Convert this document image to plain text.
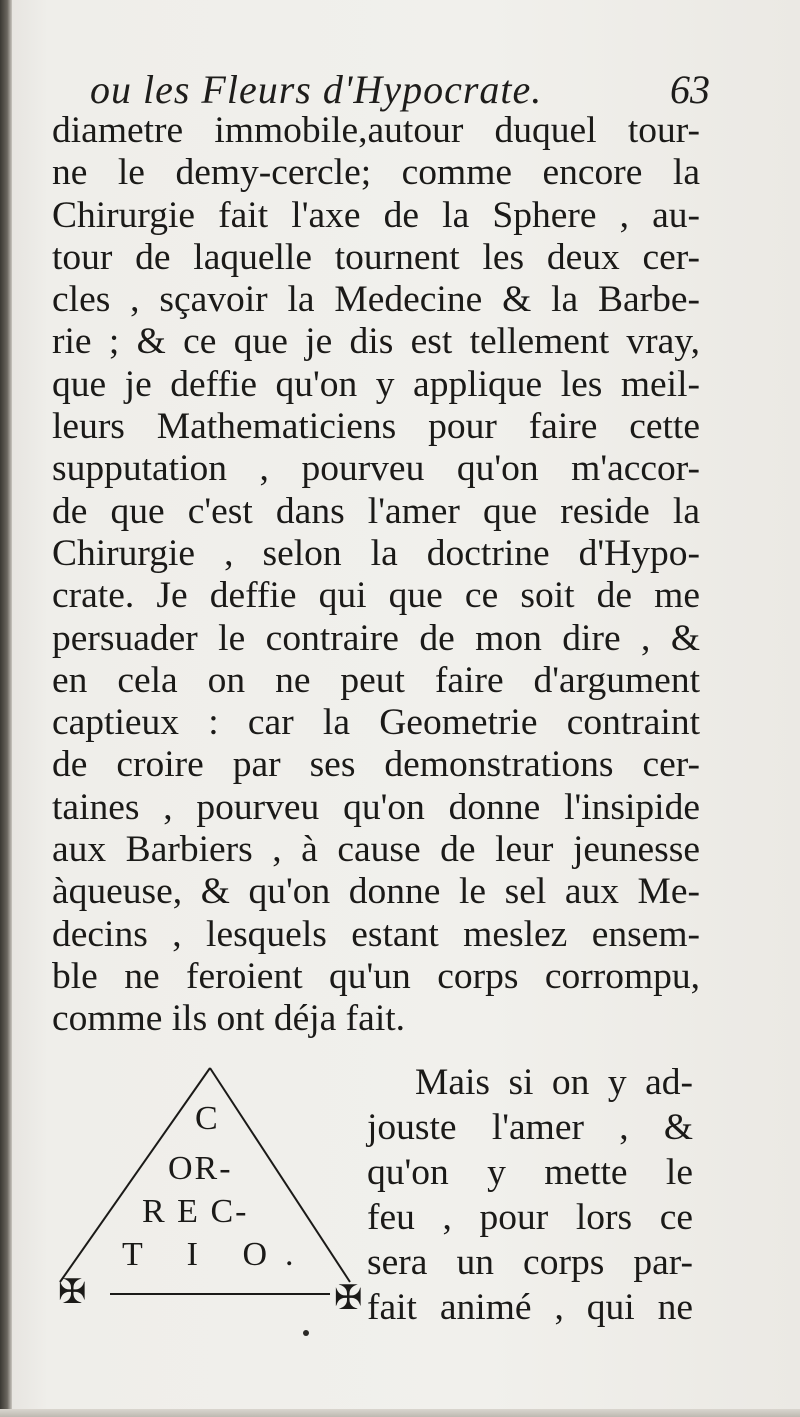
ou les Fleurs d'Hypocrate.	63
diametre immobile,autour duquel tour-
ne le demy-cercle; comme encore la
Chirurgie fait l'axe de la Sphere , au-
tour de laquelle tournent les deux cer-
cles , sçavoir la Medecine & la Barbe-
rie ; & ce que je dis est tellement vray,
que je deffie qu'on y applique les meil-
leurs Mathematiciens pour faire cette
supputation , pourveu qu'on m'accor-
de que c'est dans l'amer que reside la
Chirurgie , selon la doctrine d'Hypo-
crate. Je deffie qui que ce soit de me
persuader le contraire de mon dire , &
en cela on ne peut faire d'argument
captieux : car la Geometrie contraint
de croire par ses demonstrations cer-
taines , pourveu qu'on donne l'insipide
aux Barbiers , à cause de leur jeunesse
àqueuse, & qu'on donne le sel aux Me-
decins , lesquels estant meslez ensem-
ble ne feroient qu'un corps corrompu,
comme ils ont déja fait.
C
OR-
R E C-
T I O.
✠	✠
Mais si on y ad-
jouste l'amer , &
qu'on y mette le
feu , pour lors ce
sera un corps par-
fait animé , qui ne
